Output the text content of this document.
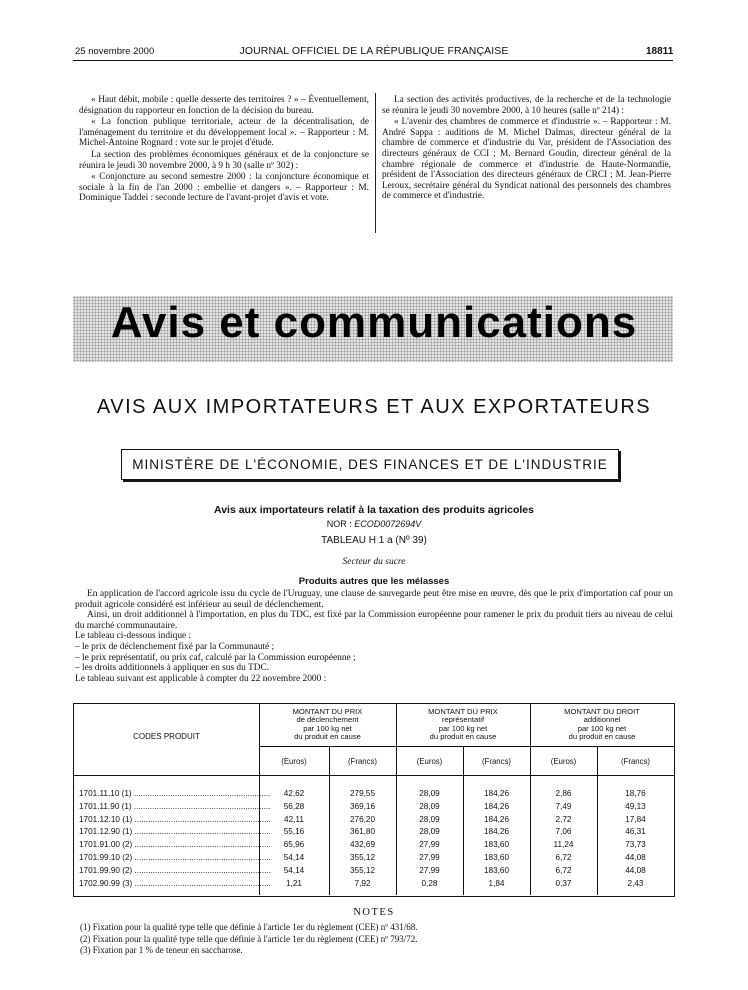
25 novembre 2000	JOURNAL OFFICIEL DE LA RÉPUBLIQUE FRANÇAISE	18811

« Haut débit, mobile : quelle desserte des territoires ? » – Éventuellement, désignation du rapporteur en fonction de la décision du bureau.

« La fonction publique territoriale, acteur de la décentralisation, de l'aménagement du territoire et du développement local ». – Rapporteur : M. Michel-Antoine Rognard : vote sur le projet d'étude.

La section des problèmes économiques généraux et de la conjoncture se réunira le jeudi 30 novembre 2000, à 9 h 30 (salle nº 302) :

« Conjoncture au second semestre 2000 : la conjoncture économique et sociale à la fin de l'an 2000 : embellie et dangers ». – Rapporteur : M. Dominique Taddei : seconde lecture de l'avant-projet d'avis et vote.

La section des activités productives, de la recherche et de la technologie se réunira le jeudi 30 novembre 2000, à 10 heures (salle nº 214) :

« L'avenir des chambres de commerce et d'industrie ». – Rapporteur : M. André Sappa : auditions de M. Michel Dalmas, directeur général de la chambre de commerce et d'industrie du Var, président de l'Association des directeurs généraux de CCI ; M. Bernard Goudin, directeur général de la chambre régionale de commerce et d'industrie de Haute-Normandie, président de l'Association des directeurs généraux de CRCI ; M. Jean-Pierre Leroux, secrétaire général du Syndicat national des personnels des chambres de commerce et d'industrie.

Avis et communications
AVIS AUX IMPORTATEURS ET AUX EXPORTATEURS
MINISTÈRE DE L'ÉCONOMIE, DES FINANCES ET DE L'INDUSTRIE
Avis aux importateurs relatif à la taxation des produits agricoles
NOR : ECOD0072694V
TABLEAU H 1 a (Nº 39)
Secteur du sucre
Produits autres que les mélasses

En application de l'accord agricole issu du cycle de l'Uruguay, une clause de sauvegarde peut être mise en œuvre, dès que le prix d'importation caf pour un produit agricole considéré est inférieur au seuil de déclenchement.

Ainsi, un droit additionnel à l'importation, en plus du TDC, est fixé par la Commission européenne pour ramener le prix du produit tiers au niveau de celui du marché communautaire.

Le tableau ci-dessous indique :

– le prix de déclenchement fixé par la Communauté ;

– le prix représentatif, ou prix caf, calculé par la Commission européenne ;

– les droits additionnels à appliquer en sus du TDC.

Le tableau suivant est applicable à compter du 22 novembre 2000 :

CODES PRODUIT
MONTANT DU PRIX
de déclenchement
par 100 kg net
du produit en cause
MONTANT DU PRIX
représentatif
par 100 kg net
du produit en cause
MONTANT DU DROIT
additionnel
par 100 kg net
du produit en cause
(Euros)	(Francs)	(Euros)	(Francs)	(Euros)	(Francs)
1701.11.10 (1) ............................................................	42,62	279,55	28,09	184,26	2,86	18,76
1701.11.90 (1) ............................................................	56,28	369,16	28,09	184,26	7,49	49,13
1701.12.10 (1) ............................................................	42,11	276,20	28,09	184,26	2,72	17,84
1701.12.90 (1) ............................................................	55,16	361,80	28,09	184,26	7,06	46,31
1701.91.00 (2) ............................................................	65,96	432,69	27,99	183,60	11,24	73,73
1701.99.10 (2) ............................................................	54,14	355,12	27,99	183,60	6,72	44,08
1701.99.90 (2) ............................................................	54,14	355,12	27,99	183,60	6,72	44,08
1702.90.99 (3) ............................................................	1,21	7,92	0,28	1,84	0,37	2,43
NOTES

(1) Fixation pour la qualité type telle que définie à l'article 1er du règlement (CEE) nº 431/68.

(2) Fixation pour la qualité type telle que définie à l'article 1er du règlement (CEE) nº 793/72.

(3) Fixation par 1 % de teneur en saccharose.
